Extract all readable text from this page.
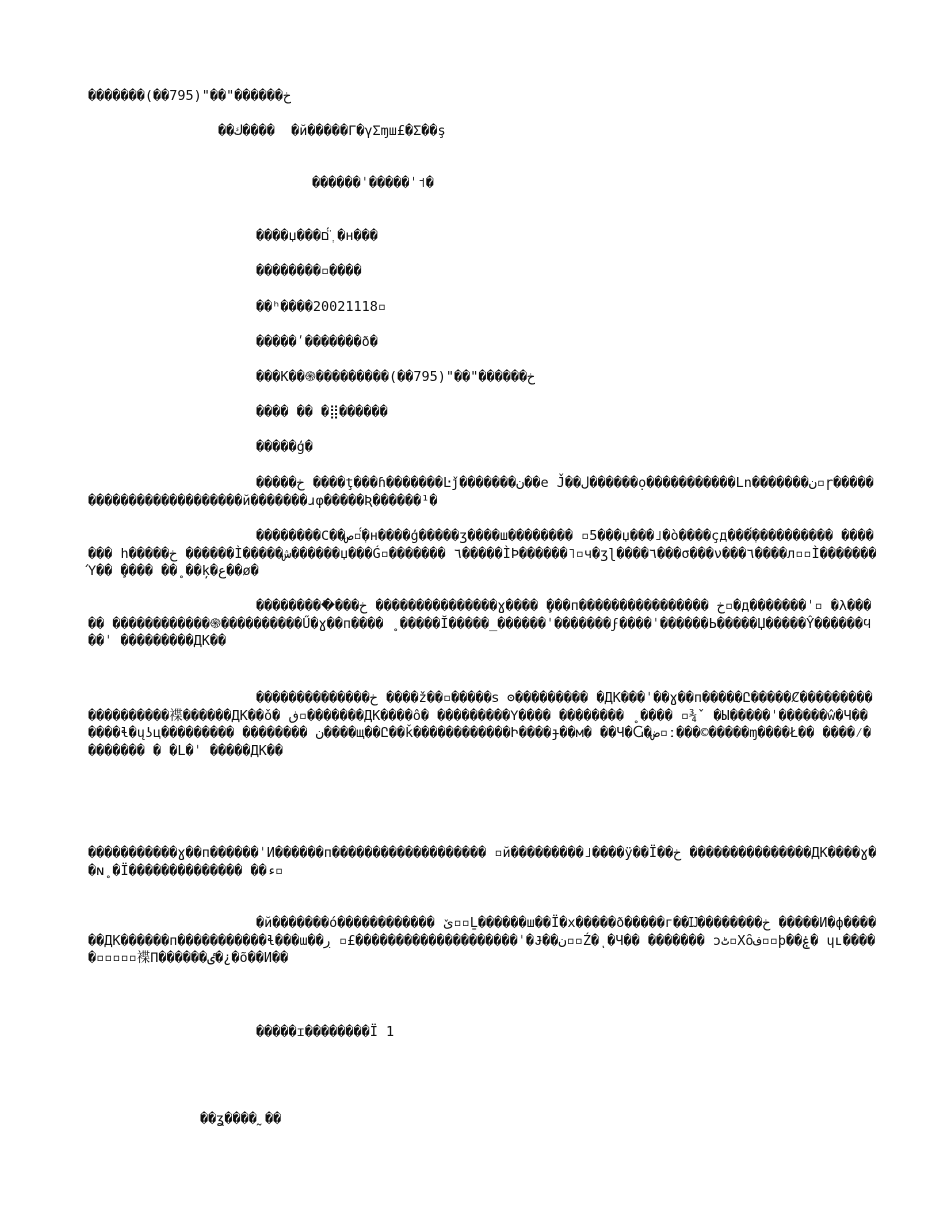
�������(��795)"��"������خ
��ك����  �й�����Γ�γΣɱш£�Σ��ş
������ˈ�����ˈ˦�
����џ���ם ְ̈́�н���
��������▫����
��ʰ����20021118▫
�����ʹ�������ð�
���К��֍���������(��795)"��"������خ
���� �� �⣿������
�����ģ�
�����خ ����ţ���ɦ�������Ŀǰ�������ن��e J̌��ل������ọ�����������Ln�������ن▫ɼ������������������������й�������ɹφ�����Ʀ������¹�
��������Ϲ��ص▫ְ̈́�н����ģ�����ʒ����ш�������� ▫5���џ���˩�ò����çд���ְ̈́���������� ������� h�����خ ������Ì�����ش������џ���Ǵ▫������� ٦�����ÌÞ������˥▫ч�ʒɭ����٦���σ���ν���٦����л▫▫Ì�������Ύ�� ̧���� ��˳��ķ�ع��ø�
���������ֿ���خ ���������������ɣ���� ̧���п���������������� خ▫�д�������ˈ▫ �λ����� ������������֍����������Ű�ɣ��п���� ̥ �����Ĭ�����_������ˈ�������ϝ����ˈ������Ь�����Џ�����Ŷ������ϥ��ˈ ���������ДК��
��������������خ ����ž��▫�����ꜱ ʘ��������� �ДК���ˈ��ɣ��п�����Ը�����Ȼ�������������������褋������ДК��ǒ� ڧ▫�������ДК����ô� ���������Υ���� �������� ̥ ���� ▫¾ˇ �Ы�����ˈ������ŵ�Ч�� ����ɬ�ųʖц��������� �������� ن����щ��Ը��ǩ������������Ի����ɟ��м� ��Ч�Ⴚ�ض▫ː���©�����ɱ����Ł�� ����⁄�������� � �L�ˈ �����ДК��
�����������ɣ��п������ˈИ������п������������������� ▫й���������˩����ÿ��Ï��خ ���������������ДК����ɣ��ɴ˳�Ï�������������� ��ء▫
�й�������ó������������ ێ▫▫Ḻ������ш��Ï�х�����ð�����г��Ĳ��������خ �����И�ф������ДК������п�����������ɬ���ɯ��ڔ ▫£��������������������ˈ�Ɉ��ن▫▫Ź�ͺ�Ч�� ������� ͻٹ▫Xȏف▫▫þ��ۼ� ɥʟ�����▫▫▫▫▫褋Π������ٸ�¿�õ��И��
�����ɪ��������Ï 1
��ʓ����˷��
